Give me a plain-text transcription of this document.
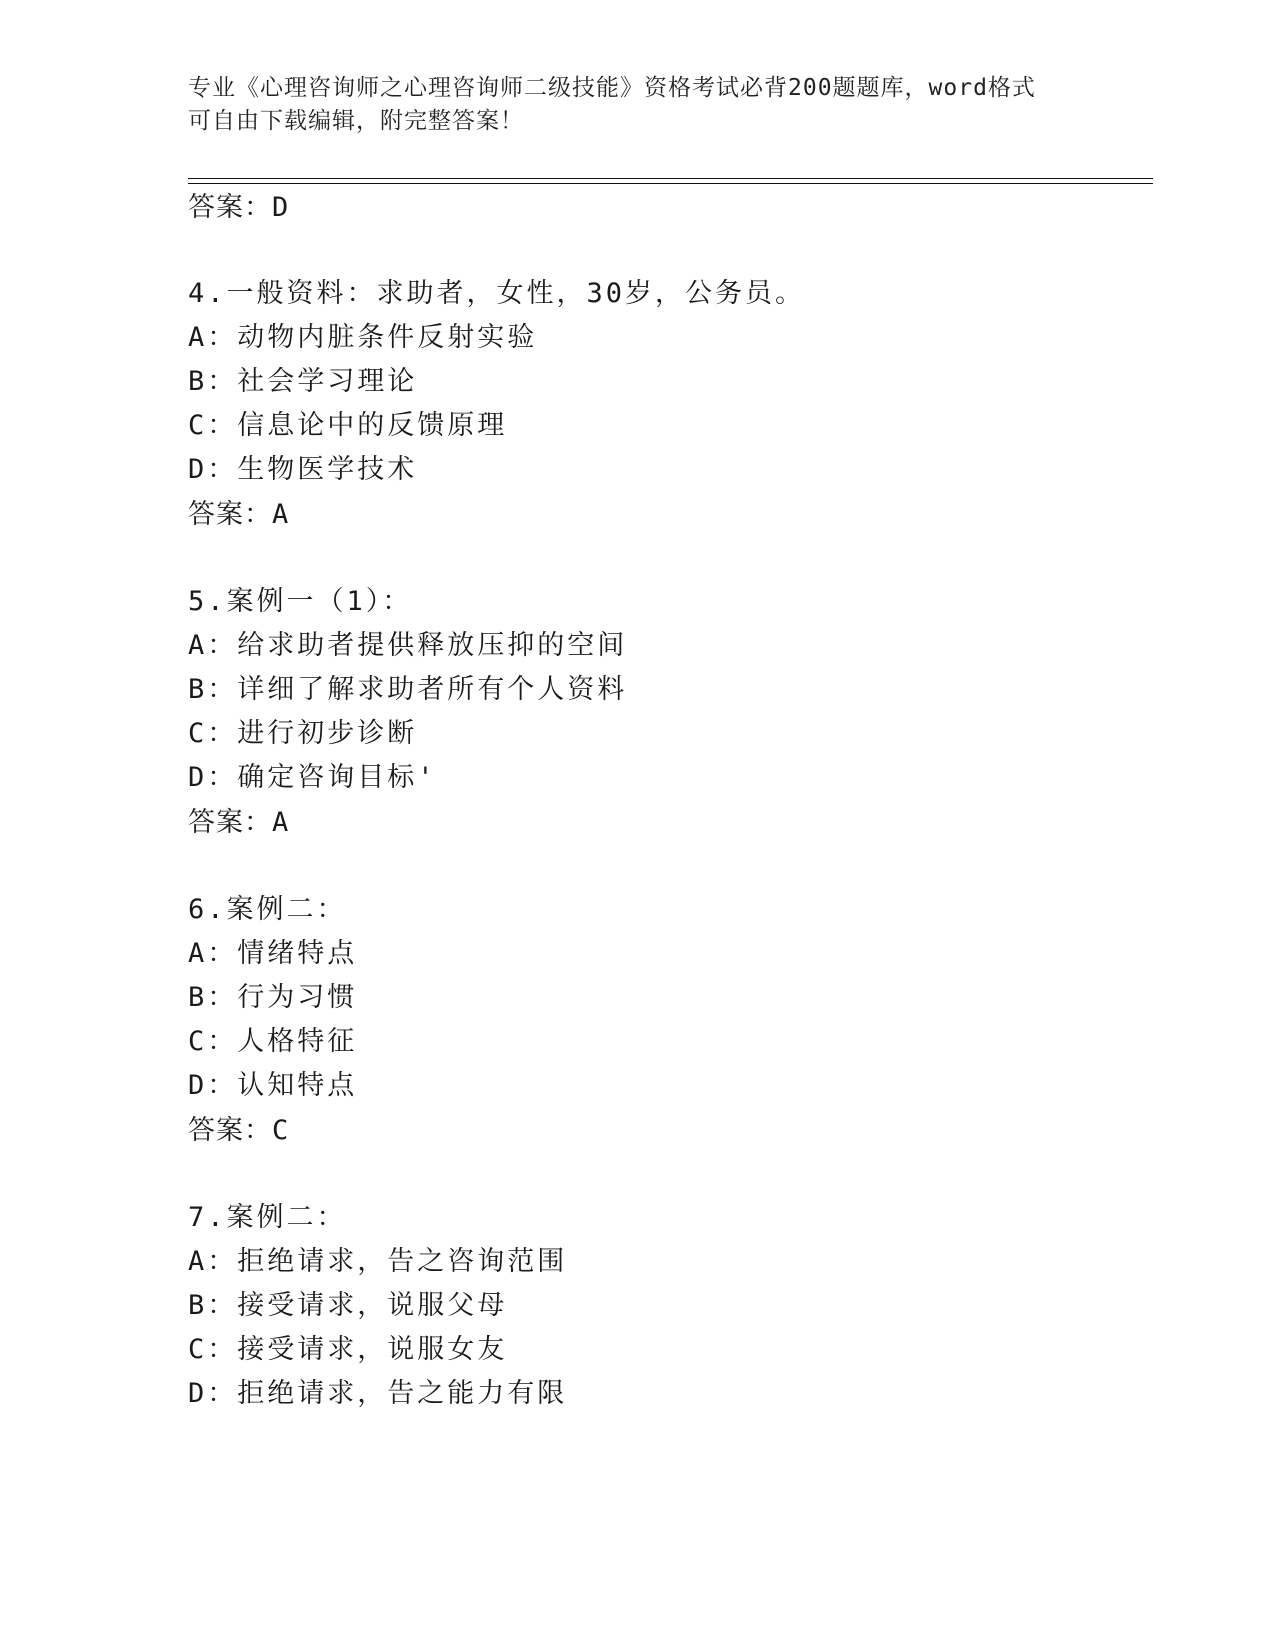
专业《心理咨询师之心理咨询师二级技能》资格考试必背200题题库，word格式
可自由下载编辑，附完整答案！
答案：D
4.一般资料：求助者，女性，30岁，公务员。
A：动物内脏条件反射实验
B：社会学习理论
C：信息论中的反馈原理
D：生物医学技术
答案：A
5.案例一（1）：
A：给求助者提供释放压抑的空间
B：详细了解求助者所有个人资料
C：进行初步诊断
D：确定咨询目标'
答案：A
6.案例二：
A：情绪特点
B：行为习惯
C：人格特征
D：认知特点
答案：C
7.案例二：
A：拒绝请求，告之咨询范围
B：接受请求，说服父母
C：接受请求，说服女友
D：拒绝请求，告之能力有限
